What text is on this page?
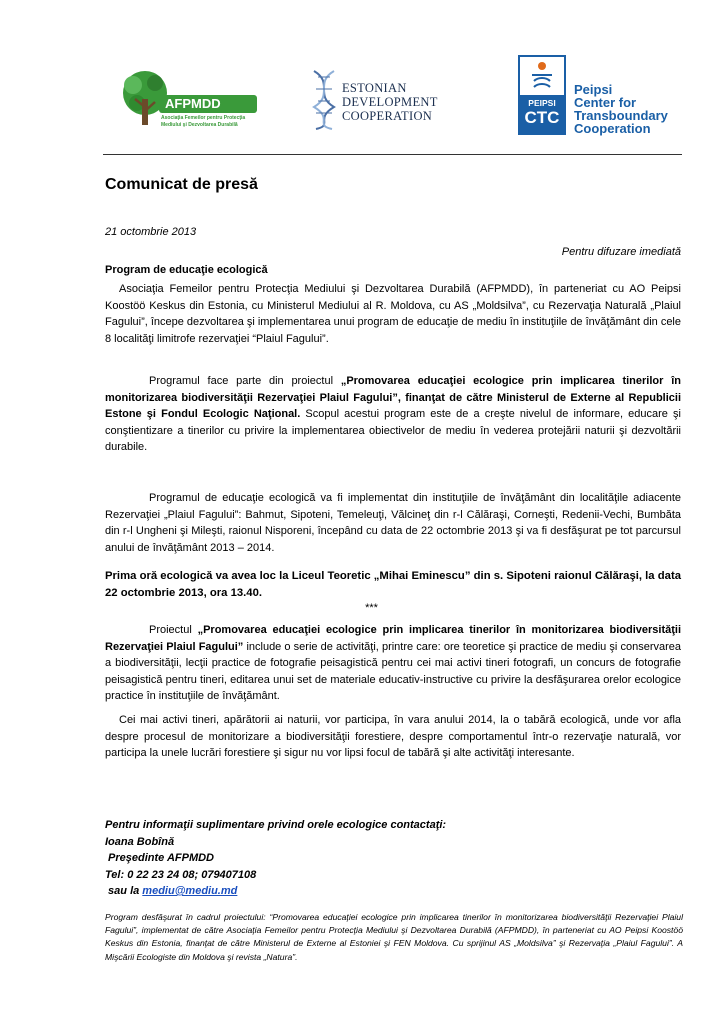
AFPMDD
Asociaţia Femeilor pentru Protecţia
Mediului şi Dezvoltarea Durabilă
ESTONIAN
DEVELOPMENT
COOPERATION
PEIPSI
CTC
Peipsi
Center for
Transboundary
Cooperation
Comunicat de presă
21 octombrie 2013
Pentru difuzare imediată
Program de educaţie ecologică

Asociaţia Femeilor pentru Protecţia Mediului şi Dezvoltarea Durabilă (AFPMDD), în parteneriat cu AO Peipsi Koostöö Keskus din Estonia, cu Ministerul Mediului al R. Moldova, cu AS „Moldsilva”, cu Rezervaţia Naturală „Plaiul Fagului”, începe dezvoltarea şi implementarea unui program de educaţie de mediu în instituţiile de învăţământ din cele 8 localităţi limitrofe rezervaţiei “Plaiul Fagului”.

Programul face parte din proiectul „Promovarea educaţiei ecologice prin implicarea tinerilor în monitorizarea biodiversităţii Rezervaţiei Plaiul Fagului”, finanţat de către Ministerul de Externe al Republicii Estone şi Fondul Ecologic Naţional. Scopul acestui program este de a creşte nivelul de informare, educare şi conştientizare a tinerilor cu privire la implementarea obiectivelor de mediu în vederea protejării naturii şi dezvoltării durabile.

Programul de educaţie ecologică va fi implementat din instituţiile de învăţământ din localităţile adiacente Rezervaţiei „Plaiul Fagului”: Bahmut, Sipoteni, Temeleuţi, Vălcineţ din r-l Călăraşi, Corneşti, Redenii-Vechi, Bumbăta din r-l Ungheni şi Mileşti, raionul Nisporeni, începând cu data de 22 octombrie 2013 şi va fi desfăşurat pe tot parcursul anului de învăţământ 2013 – 2014.

Prima oră ecologică va avea loc la Liceul Teoretic „Mihai Eminescu” din s. Sipoteni raionul Călăraşi, la data 22 octombrie 2013, ora 13.40.

***

Proiectul „Promovarea educaţiei ecologice prin implicarea tinerilor în monitorizarea biodiversităţii Rezervaţiei Plaiul Fagului” include o serie de activităţi, printre care: ore teoretice şi practice de mediu şi conservarea a biodiversităţii, lecţii practice de fotografie peisagistică pentru cei mai activi tineri fotografi, un concurs de fotografie peisagistică pentru tineri, editarea unui set de materiale educativ-instructive cu privire la desfăşurarea orelor ecologice practice în instituţiile de învăţământ.

Cei mai activi tineri, apărătorii ai naturii, vor participa, în vara anului 2014, la o tabără ecologică, unde vor afla despre procesul de monitorizare a biodiversităţii forestiere, despre comportamentul într-o rezervaţie naturală, vor participa la unele lucrări forestiere şi sigur nu vor lipsi focul de tabără şi alte activităţi interesante.

Pentru informaţii suplimentare privind orele ecologice contactaţi:
Ioana Bobînă
Preşedinte AFPMDD
Tel: 0 22 23 24 08; 079407108
sau la mediu@mediu.md
Program desfăşurat în cadrul proiectului: “Promovarea educaţiei ecologice prin implicarea tinerilor în monitorizarea biodiversităţii Rezervaţiei Plaiul Fagului”, implementat de către Asociaţia Femeilor pentru Protecţia Mediului şi Dezvoltarea Durabilă (AFPMDD), în parteneriat cu AO Peipsi Koostöö Keskus din Estonia, finanţat de către Ministerul de Externe al Estoniei şi FEN Moldova. Cu sprijinul AS „Moldsilva” şi Rezervaţia „Plaiul Fagului”. A Mişcării Ecologiste din Moldova şi revista „Natura”.
